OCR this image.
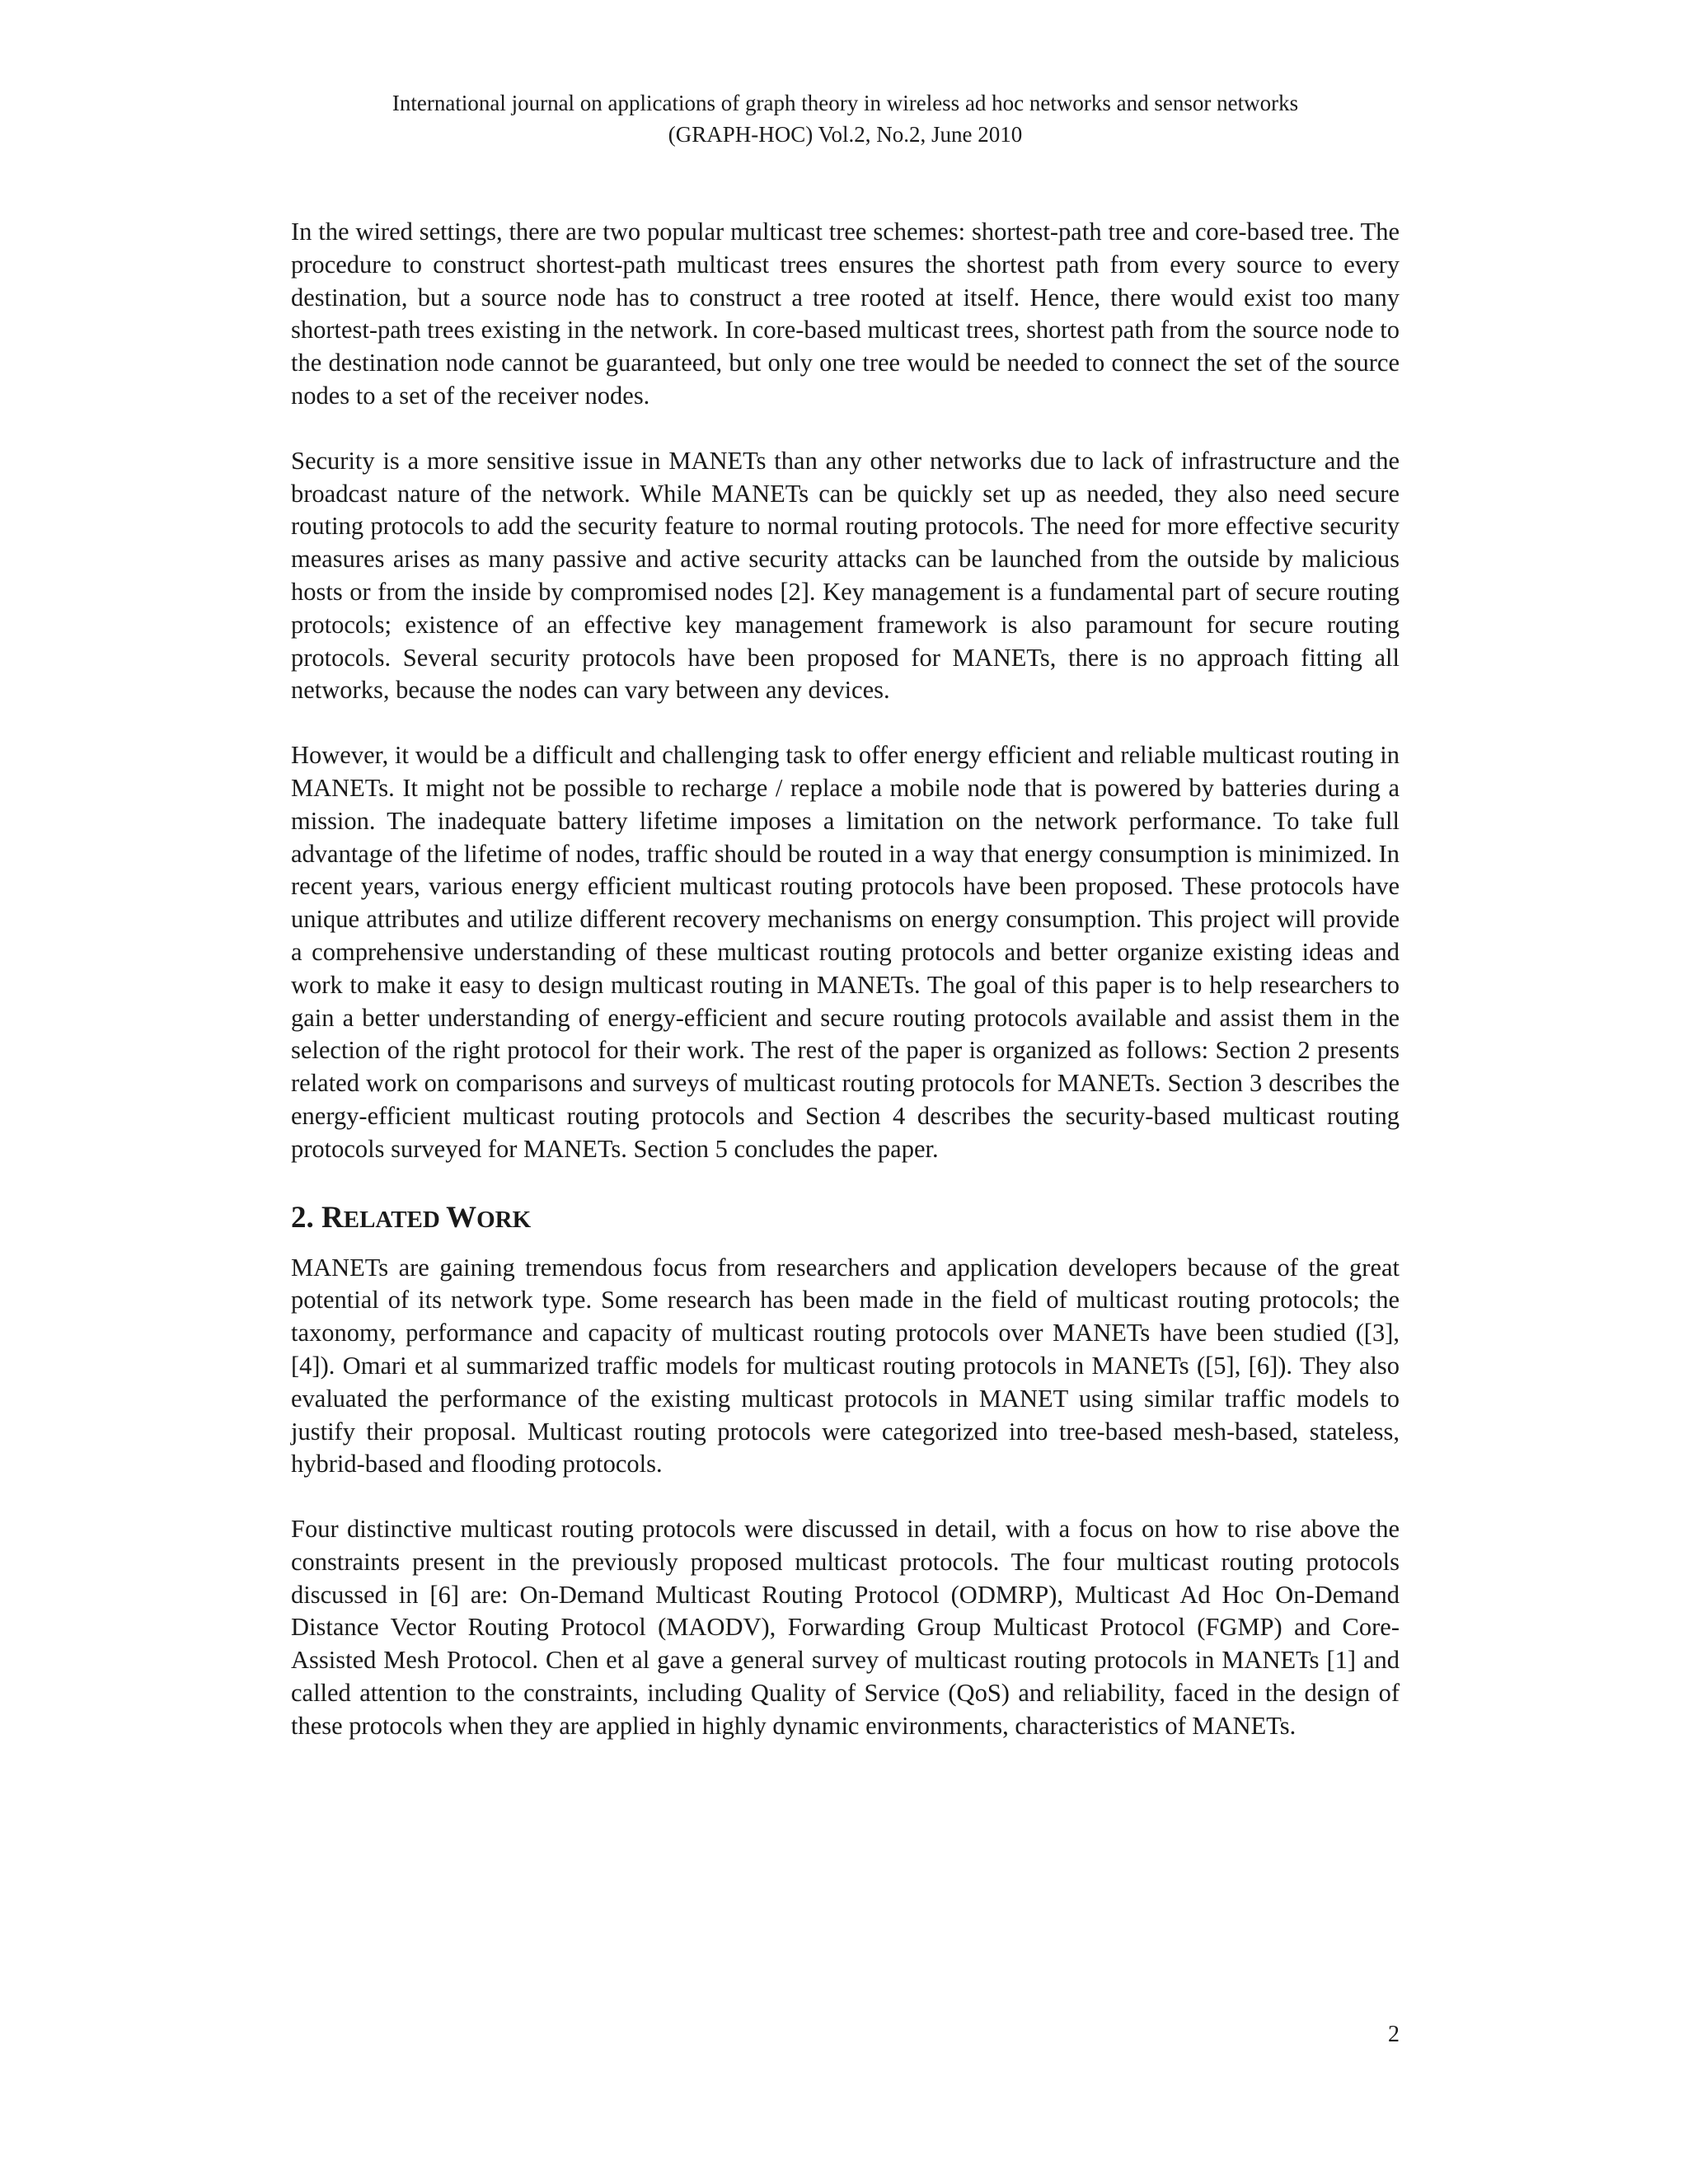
International journal on applications of graph theory in wireless ad hoc networks and sensor networks
(GRAPH-HOC) Vol.2, No.2, June 2010

In the wired settings, there are two popular multicast tree schemes: shortest-path tree and core-based tree. The procedure to construct shortest-path multicast trees ensures the shortest path from every source to every destination, but a source node has to construct a tree rooted at itself. Hence, there would exist too many shortest-path trees existing in the network. In core-based multicast trees, shortest path from the source node to the destination node cannot be guaranteed, but only one tree would be needed to connect the set of the source nodes to a set of the receiver nodes.

Security is a more sensitive issue in MANETs than any other networks due to lack of infrastructure and the broadcast nature of the network. While MANETs can be quickly set up as needed, they also need secure routing protocols to add the security feature to normal routing protocols. The need for more effective security measures arises as many passive and active security attacks can be launched from the outside by malicious hosts or from the inside by compromised nodes [2]. Key management is a fundamental part of secure routing protocols; existence of an effective key management framework is also paramount for secure routing protocols. Several security protocols have been proposed for MANETs, there is no approach fitting all networks, because the nodes can vary between any devices.

However, it would be a difficult and challenging task to offer energy efficient and reliable multicast routing in MANETs. It might not be possible to recharge / replace a mobile node that is powered by batteries during a mission. The inadequate battery lifetime imposes a limitation on the network performance. To take full advantage of the lifetime of nodes, traffic should be routed in a way that energy consumption is minimized. In recent years, various energy efficient multicast routing protocols have been proposed. These protocols have unique attributes and utilize different recovery mechanisms on energy consumption. This project will provide a comprehensive understanding of these multicast routing protocols and better organize existing ideas and work to make it easy to design multicast routing in MANETs. The goal of this paper is to help researchers to gain a better understanding of energy-efficient and secure routing protocols available and assist them in the selection of the right protocol for their work. The rest of the paper is organized as follows: Section 2 presents related work on comparisons and surveys of multicast routing protocols for MANETs. Section 3 describes the energy-efficient multicast routing protocols and Section 4 describes the security-based multicast routing protocols surveyed for MANETs. Section 5 concludes the paper.

2. RELATED WORK

MANETs are gaining tremendous focus from researchers and application developers because of the great potential of its network type. Some research has been made in the field of multicast routing protocols; the taxonomy, performance and capacity of multicast routing protocols over MANETs have been studied ([3], [4]). Omari et al summarized traffic models for multicast routing protocols in MANETs ([5], [6]). They also evaluated the performance of the existing multicast protocols in MANET using similar traffic models to justify their proposal. Multicast routing protocols were categorized into tree-based mesh-based, stateless, hybrid-based and flooding protocols.

Four distinctive multicast routing protocols were discussed in detail, with a focus on how to rise above the constraints present in the previously proposed multicast protocols. The four multicast routing protocols discussed in [6] are: On-Demand Multicast Routing Protocol (ODMRP), Multicast Ad Hoc On-Demand Distance Vector Routing Protocol (MAODV), Forwarding Group Multicast Protocol (FGMP) and Core-Assisted Mesh Protocol. Chen et al gave a general survey of multicast routing protocols in MANETs [1] and called attention to the constraints, including Quality of Service (QoS) and reliability, faced in the design of these protocols when they are applied in highly dynamic environments, characteristics of MANETs.

2
